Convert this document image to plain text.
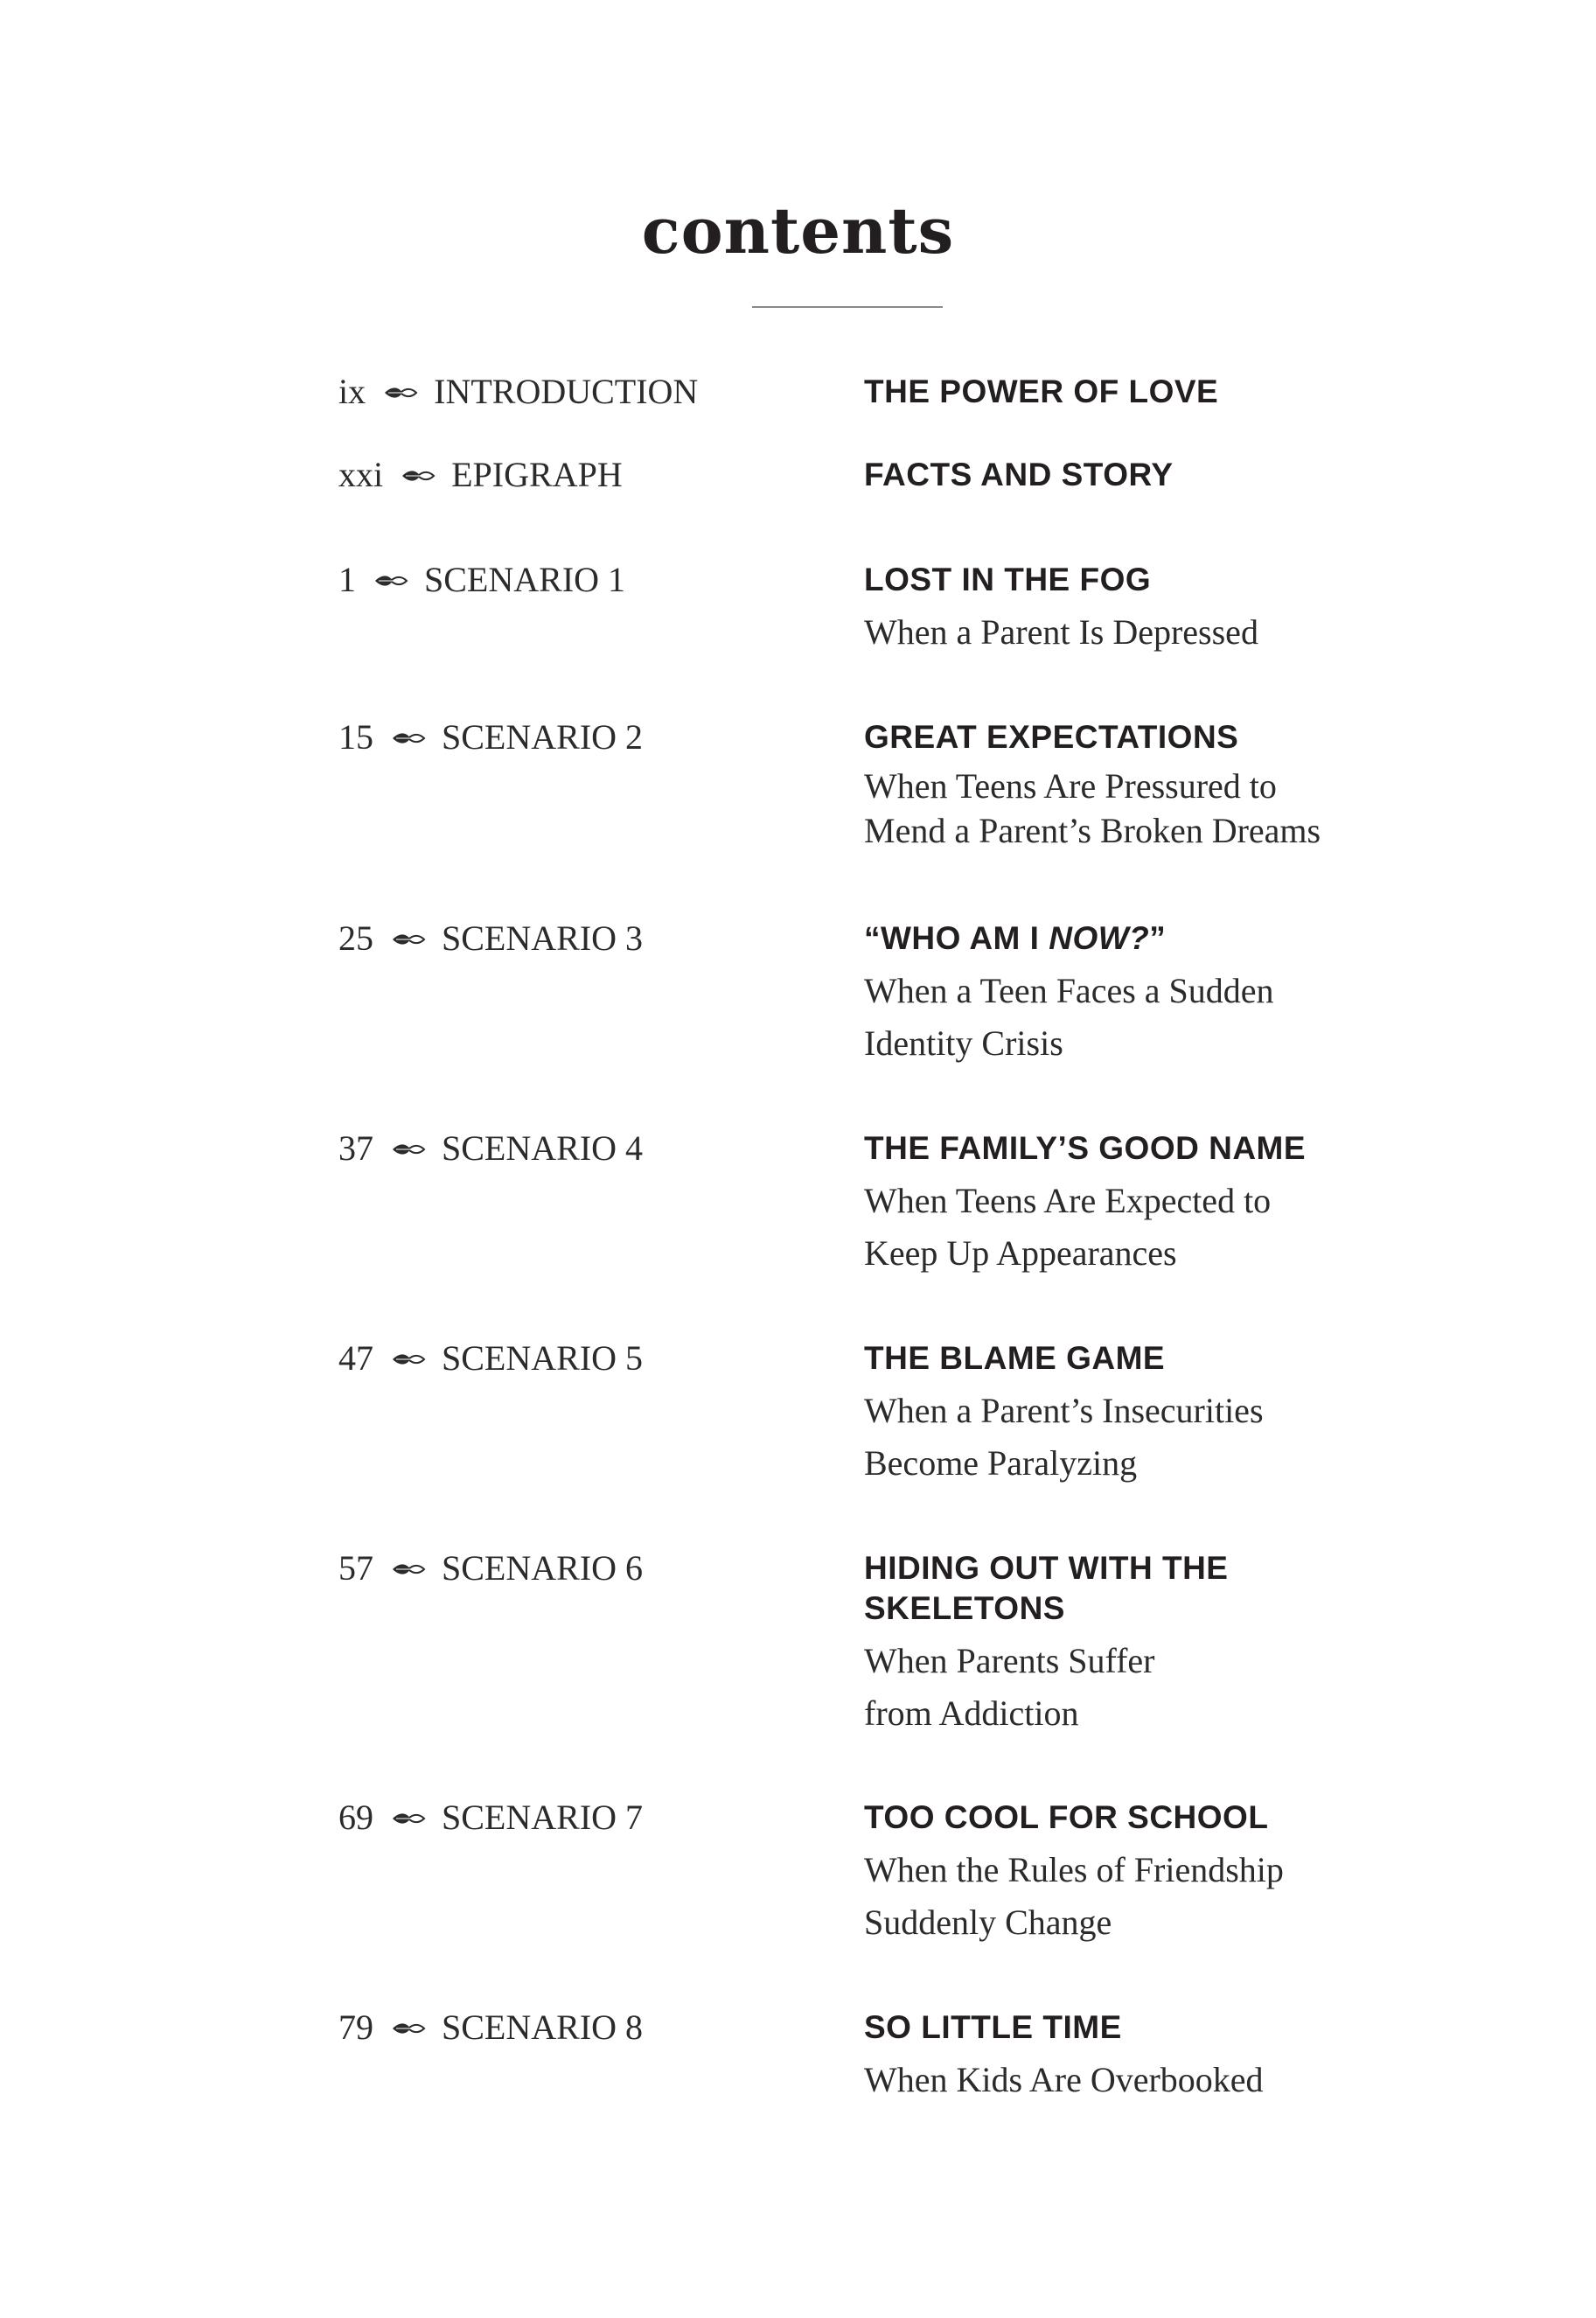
contents
ix INTRODUCTION	THE POWER OF LOVE

xxi EPIGRAPH	FACTS AND STORY

1 SCENARIO 1	LOST IN THE FOG

When a Parent Is Depressed

15 SCENARIO 2	GREAT EXPECTATIONS

When Teens Are Pressured to

Mend a Parent’s Broken Dreams

25 SCENARIO 3	“WHO AM I NOW?”

When a Teen Faces a Sudden

Identity Crisis

37 SCENARIO 4	THE FAMILY’S GOOD NAME

When Teens Are Expected to

Keep Up Appearances

47 SCENARIO 5	THE BLAME GAME

When a Parent’s Insecurities

Become Paralyzing

57 SCENARIO 6	HIDING OUT WITH THE
SKELETONS

When Parents Suffer

from Addiction

69 SCENARIO 7	TOO COOL FOR SCHOOL

When the Rules of Friendship

Suddenly Change

79 SCENARIO 8	SO LITTLE TIME

When Kids Are Overbooked
